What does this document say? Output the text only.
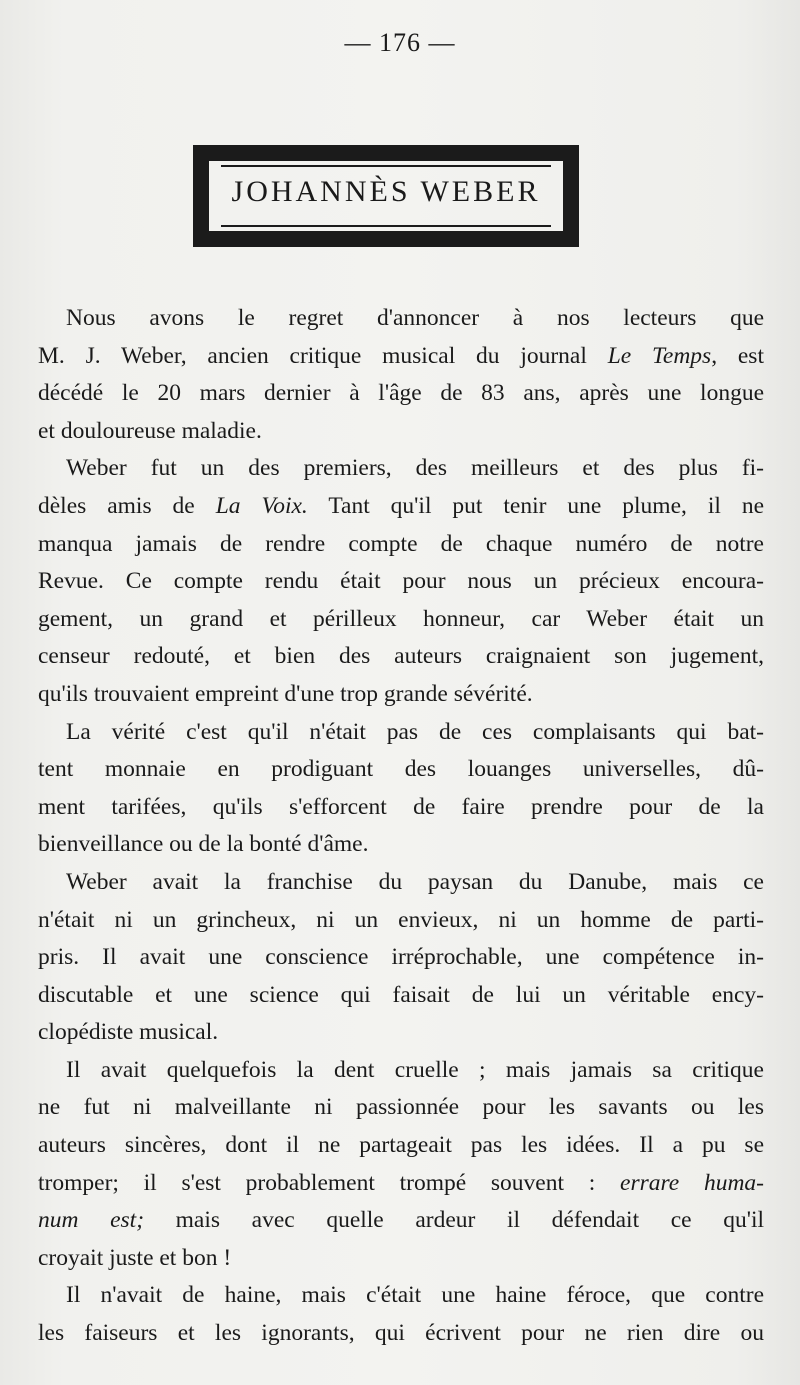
— 176 —
JOHANNÈS WEBER

Nous avons le regret d'annoncer à nos lecteurs que

M. J. Weber, ancien critique musical du journal Le Temps, est

décédé le 20 mars dernier à l'âge de 83 ans, après une longue

et douloureuse maladie.

Weber fut un des premiers, des meilleurs et des plus fi-

dèles amis de La Voix. Tant qu'il put tenir une plume, il ne

manqua jamais de rendre compte de chaque numéro de notre

Revue. Ce compte rendu était pour nous un précieux encoura-

gement, un grand et périlleux honneur, car Weber était un

censeur redouté, et bien des auteurs craignaient son jugement,

qu'ils trouvaient empreint d'une trop grande sévérité.

La vérité c'est qu'il n'était pas de ces complaisants qui bat-

tent monnaie en prodiguant des louanges universelles, dû-

ment tarifées, qu'ils s'efforcent de faire prendre pour de la

bienveillance ou de la bonté d'âme.

Weber avait la franchise du paysan du Danube, mais ce

n'était ni un grincheux, ni un envieux, ni un homme de parti-

pris. Il avait une conscience irréprochable, une compétence in-

discutable et une science qui faisait de lui un véritable ency-

clopédiste musical.

Il avait quelquefois la dent cruelle ; mais jamais sa critique

ne fut ni malveillante ni passionnée pour les savants ou les

auteurs sincères, dont il ne partageait pas les idées. Il a pu se

tromper; il s'est probablement trompé souvent : errare huma-

num est; mais avec quelle ardeur il défendait ce qu'il

croyait juste et bon !

Il n'avait de haine, mais c'était une haine féroce, que contre

les faiseurs et les ignorants, qui écrivent pour ne rien dire ou
